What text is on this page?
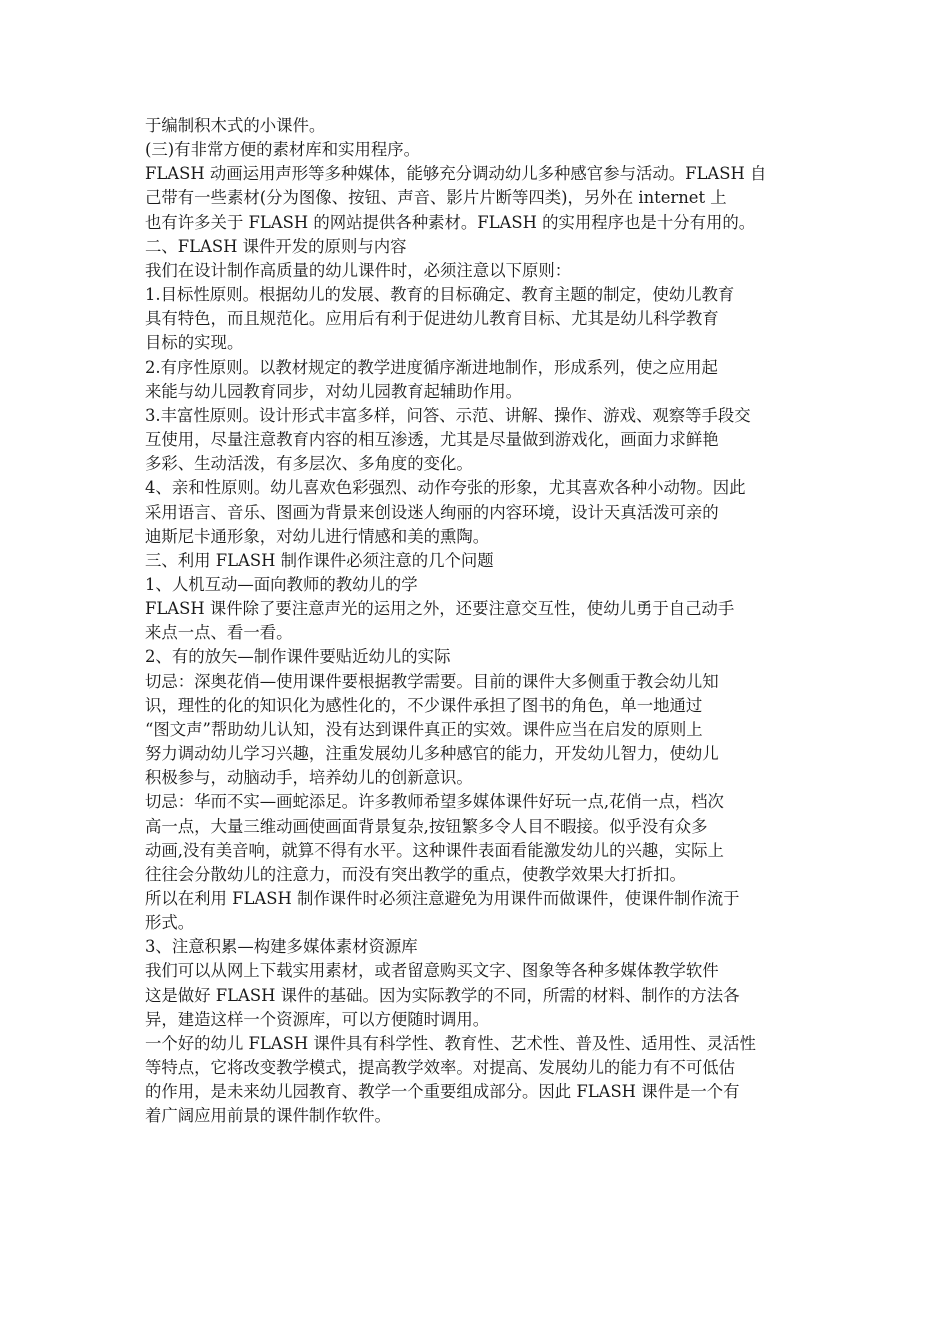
于编制积木式的小课件。
(三)有非常方便的素材库和实用程序。
FLASH 动画运用声形等多种媒体，能够充分调动幼儿多种感官参与活动。FLASH 自
己带有一些素材(分为图像、按钮、声音、影片片断等四类)，另外在 internet 上
也有许多关于 FLASH 的网站提供各种素材。FLASH 的实用程序也是十分有用的。
二、FLASH 课件开发的原则与内容
我们在设计制作高质量的幼儿课件时，必须注意以下原则：
1.目标性原则。根据幼儿的发展、教育的目标确定、教育主题的制定，使幼儿教育
具有特色，而且规范化。应用后有利于促进幼儿教育目标、尤其是幼儿科学教育
目标的实现。
2.有序性原则。以教材规定的教学进度循序渐进地制作，形成系列，使之应用起
来能与幼儿园教育同步，对幼儿园教育起辅助作用。
3.丰富性原则。设计形式丰富多样，问答、示范、讲解、操作、游戏、观察等手段交
互使用，尽量注意教育内容的相互渗透，尤其是尽量做到游戏化，画面力求鲜艳
多彩、生动活泼，有多层次、多角度的变化。
4、亲和性原则。幼儿喜欢色彩强烈、动作夸张的形象，尤其喜欢各种小动物。因此
采用语言、音乐、图画为背景来创设迷人绚丽的内容环境，设计天真活泼可亲的
迪斯尼卡通形象，对幼儿进行情感和美的熏陶。
三、利用 FLASH 制作课件必须注意的几个问题
1、人机互动—面向教师的教幼儿的学
FLASH 课件除了要注意声光的运用之外，还要注意交互性，使幼儿勇于自己动手
来点一点、看一看。
2、有的放矢—制作课件要贴近幼儿的实际
切忌：深奥花俏—使用课件要根据教学需要。目前的课件大多侧重于教会幼儿知
识，理性的化的知识化为感性化的，不少课件承担了图书的角色，单一地通过
“图文声”帮助幼儿认知，没有达到课件真正的实效。课件应当在启发的原则上
努力调动幼儿学习兴趣，注重发展幼儿多种感官的能力，开发幼儿智力，使幼儿
积极参与，动脑动手，培养幼儿的创新意识。
切忌：华而不实—画蛇添足。许多教师希望多媒体课件好玩一点,花俏一点，档次
高一点，大量三维动画使画面背景复杂,按钮繁多令人目不暇接。似乎没有众多
动画,没有美音响，就算不得有水平。这种课件表面看能激发幼儿的兴趣，实际上
往往会分散幼儿的注意力，而没有突出教学的重点，使教学效果大打折扣。
所以在利用 FLASH 制作课件时必须注意避免为用课件而做课件，使课件制作流于
形式。
3、注意积累—构建多媒体素材资源库
我们可以从网上下载实用素材，或者留意购买文字、图象等各种多媒体教学软件
这是做好 FLASH 课件的基础。因为实际教学的不同，所需的材料、制作的方法各
异，建造这样一个资源库，可以方便随时调用。
一个好的幼儿 FLASH 课件具有科学性、教育性、艺术性、普及性、适用性、灵活性
等特点，它将改变教学模式，提高教学效率。对提高、发展幼儿的能力有不可低估
的作用，是未来幼儿园教育、教学一个重要组成部分。因此 FLASH 课件是一个有
着广阔应用前景的课件制作软件。
